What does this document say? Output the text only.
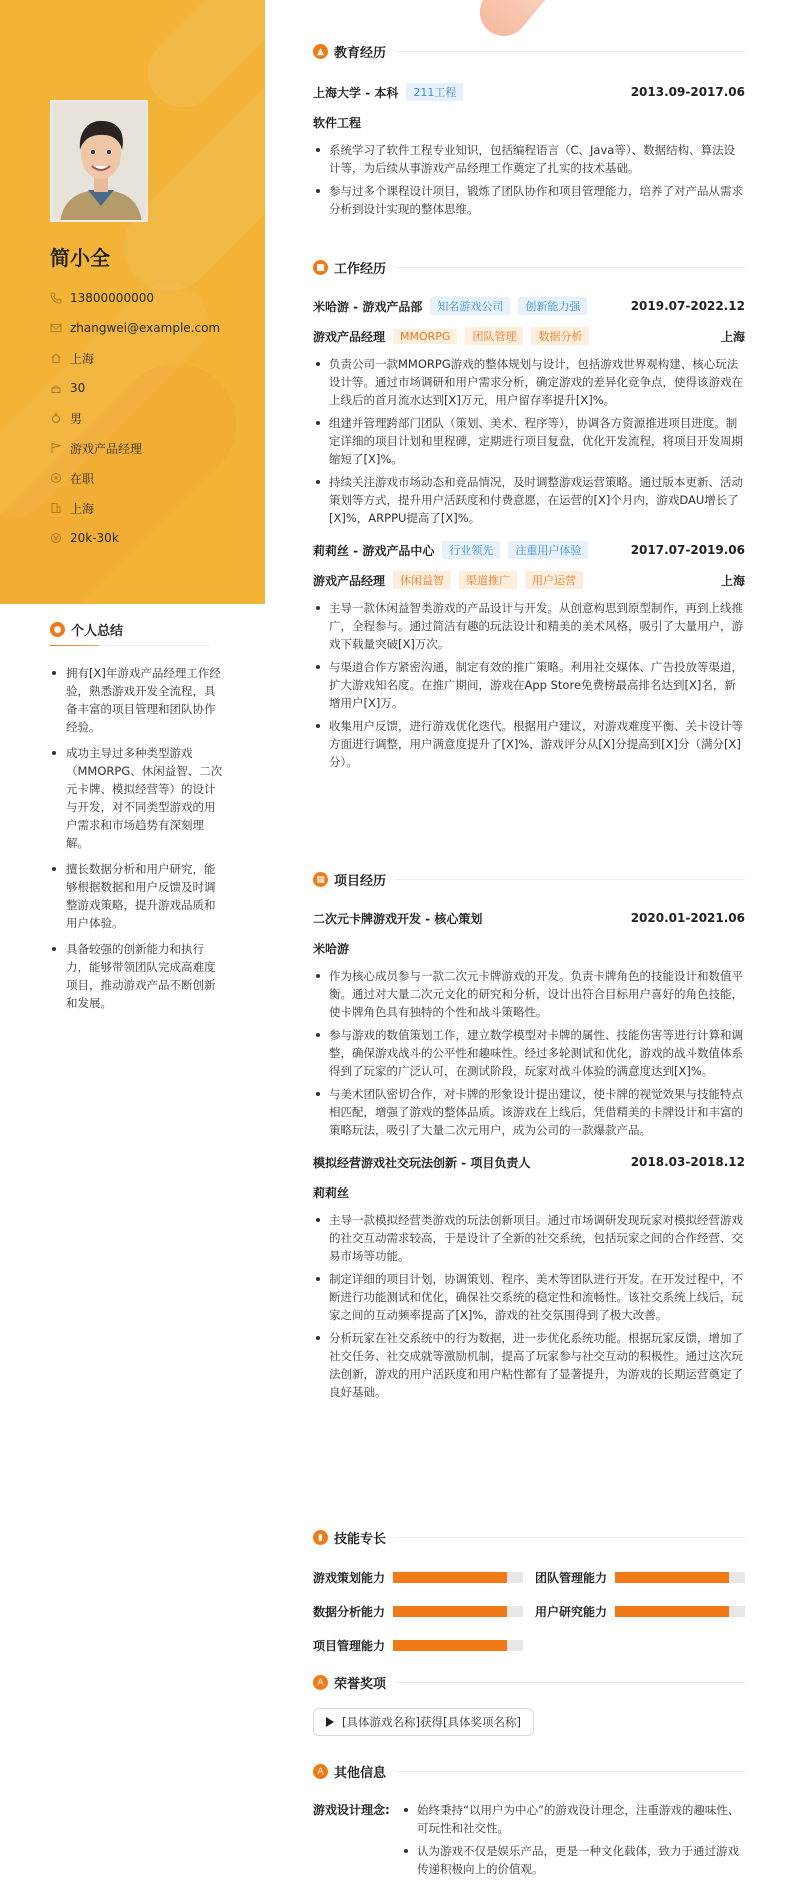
简小全
13800000000
zhangwei@example.com
上海
30
男
游戏产品经理
在职
上海
20k-30k
● 个人总结
拥有[X]年游戏产品经理工作经验，熟悉游戏开发全流程，具备丰富的项目管理和团队协作经验。
成功主导过多种类型游戏（MMORPG、休闲益智、二次元卡牌、模拟经营等）的设计与开发，对不同类型游戏的用户需求和市场趋势有深刻理解。
擅长数据分析和用户研究，能够根据数据和用户反馈及时调整游戏策略，提升游戏品质和用户体验。
具备较强的创新能力和执行力，能够带领团队完成高难度项目，推动游戏产品不断创新和发展。
▲ 教育经历
上海大学 - 本科	211工程	2013.09-2017.06
软件工程
系统学习了软件工程专业知识，包括编程语言（C、Java等）、数据结构、算法设计等，为后续从事游戏产品经理工作奠定了扎实的技术基础。
参与过多个课程设计项目，锻炼了团队协作和项目管理能力，培养了对产品从需求分析到设计实现的整体思维。
■ 工作经历
米哈游 - 游戏产品部	知名游戏公司	创新能力强	2019.07-2022.12
游戏产品经理	MMORPG	团队管理	数据分析	上海
负责公司一款MMORPG游戏的整体规划与设计，包括游戏世界观构建、核心玩法设计等。通过市场调研和用户需求分析，确定游戏的差异化竞争点，使得该游戏在上线后的首月流水达到[X]万元，用户留存率提升[X]%。
组建并管理跨部门团队（策划、美术、程序等），协调各方资源推进项目进度。制定详细的项目计划和里程碑，定期进行项目复盘，优化开发流程，将项目开发周期缩短了[X]%。
持续关注游戏市场动态和竞品情况，及时调整游戏运营策略。通过版本更新、活动策划等方式，提升用户活跃度和付费意愿，在运营的[X]个月内，游戏DAU增长了[X]%，ARPPU提高了[X]%。
莉莉丝 - 游戏产品中心	行业领先	注重用户体验	2017.07-2019.06
游戏产品经理	休闲益智	渠道推广	用户运营	上海
主导一款休闲益智类游戏的产品设计与开发。从创意构思到原型制作，再到上线推广，全程参与。通过简洁有趣的玩法设计和精美的美术风格，吸引了大量用户，游戏下载量突破[X]万次。
与渠道合作方紧密沟通，制定有效的推广策略。利用社交媒体、广告投放等渠道，扩大游戏知名度。在推广期间，游戏在App Store免费榜最高排名达到[X]名，新增用户[X]万。
收集用户反馈，进行游戏优化迭代。根据用户建议，对游戏难度平衡、关卡设计等方面进行调整，用户满意度提升了[X]%，游戏评分从[X]分提高到[X]分（满分[X]分）。
▦ 项目经历
二次元卡牌游戏开发 - 核心策划	2020.01-2021.06
米哈游
作为核心成员参与一款二次元卡牌游戏的开发。负责卡牌角色的技能设计和数值平衡。通过对大量二次元文化的研究和分析，设计出符合目标用户喜好的角色技能，使卡牌角色具有独特的个性和战斗策略性。
参与游戏的数值策划工作，建立数学模型对卡牌的属性、技能伤害等进行计算和调整，确保游戏战斗的公平性和趣味性。经过多轮测试和优化，游戏的战斗数值体系得到了玩家的广泛认可，在测试阶段，玩家对战斗体验的满意度达到[X]%。
与美术团队密切合作，对卡牌的形象设计提出建议，使卡牌的视觉效果与技能特点相匹配，增强了游戏的整体品质。该游戏在上线后，凭借精美的卡牌设计和丰富的策略玩法，吸引了大量二次元用户，成为公司的一款爆款产品。
模拟经营游戏社交玩法创新 - 项目负责人	2018.03-2018.12
莉莉丝
主导一款模拟经营类游戏的玩法创新项目。通过市场调研发现玩家对模拟经营游戏的社交互动需求较高，于是设计了全新的社交系统，包括玩家之间的合作经营、交易市场等功能。
制定详细的项目计划，协调策划、程序、美术等团队进行开发。在开发过程中，不断进行功能测试和优化，确保社交系统的稳定性和流畅性。该社交系统上线后，玩家之间的互动频率提高了[X]%，游戏的社交氛围得到了极大改善。
分析玩家在社交系统中的行为数据，进一步优化系统功能。根据玩家反馈，增加了社交任务、社交成就等激励机制，提高了玩家参与社交互动的积极性。通过这次玩法创新，游戏的用户活跃度和用户粘性都有了显著提升，为游戏的长期运营奠定了良好基础。
▮ 技能专长
游戏策划能力	团队管理能力
数据分析能力	用户研究能力
项目管理能力
A 荣誉奖项
[具体游戏名称]获得[具体奖项名称]
A 其他信息
游戏设计理念:	始终秉持“以用户为中心”的游戏设计理念，注重游戏的趣味性、可玩性和社交性。
认为游戏不仅是娱乐产品，更是一种文化载体，致力于通过游戏传递积极向上的价值观。
